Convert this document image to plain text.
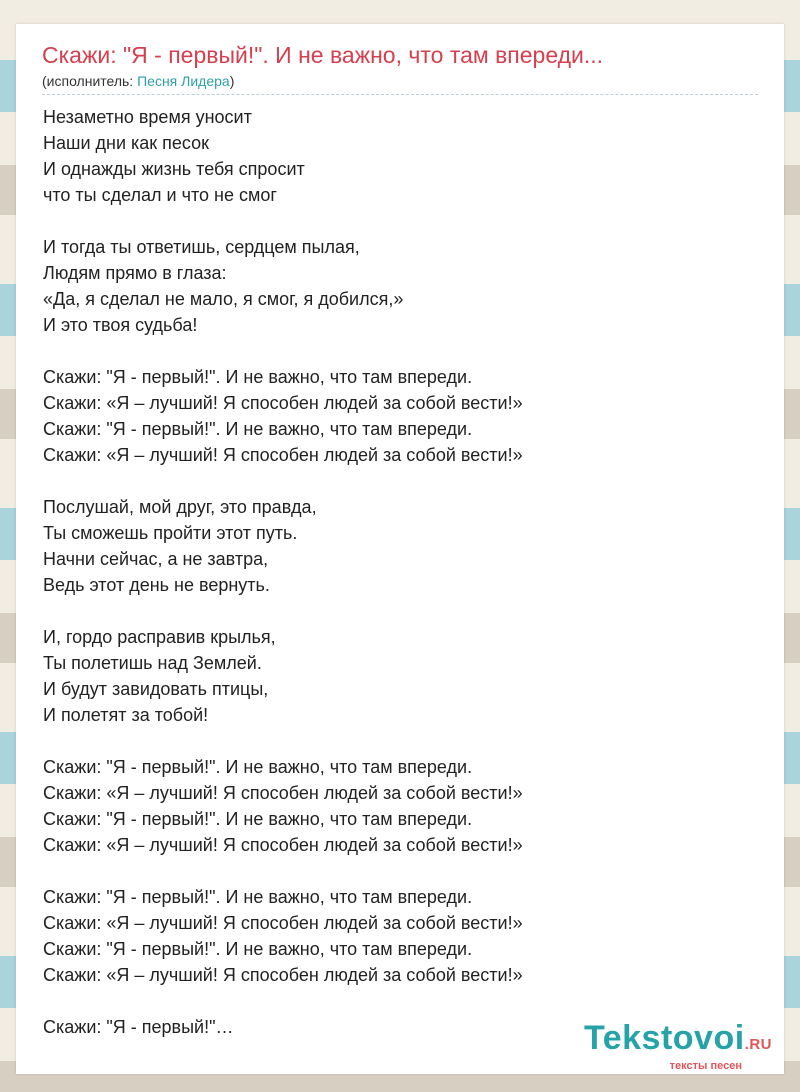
Скажи: "Я - первый!". И не важно, что там впереди...
(исполнитель: Песня Лидера)
Незаметно время уносит
Наши дни как песок
И однажды жизнь тебя спросит
что ты сделал и что не смог
И тогда ты ответишь, сердцем пылая,
Людям прямо в глаза:
«Да, я сделал не мало, я смог, я добился,»
И это твоя судьба!
Скажи: "Я - первый!". И не важно, что там впереди.
Скажи: «Я – лучший! Я способен людей за собой вести!»
Скажи: "Я - первый!". И не важно, что там впереди.
Скажи: «Я – лучший! Я способен людей за собой вести!»
Послушай, мой друг, это правда,
Ты сможешь пройти этот путь.
Начни сейчас, а не завтра,
Ведь этот день не вернуть.
И, гордо расправив крылья,
Ты полетишь над Землей.
И будут завидовать птицы,
И полетят за тобой!
Скажи: "Я - первый!". И не важно, что там впереди.
Скажи: «Я – лучший! Я способен людей за собой вести!»
Скажи: "Я - первый!". И не важно, что там впереди.
Скажи: «Я – лучший! Я способен людей за собой вести!»
Скажи: "Я - первый!". И не важно, что там впереди.
Скажи: «Я – лучший! Я способен людей за собой вести!»
Скажи: "Я - первый!". И не важно, что там впереди.
Скажи: «Я – лучший! Я способен людей за собой вести!»
Скажи: "Я - первый!"…	Tekstovoi.RU
тексты песен
